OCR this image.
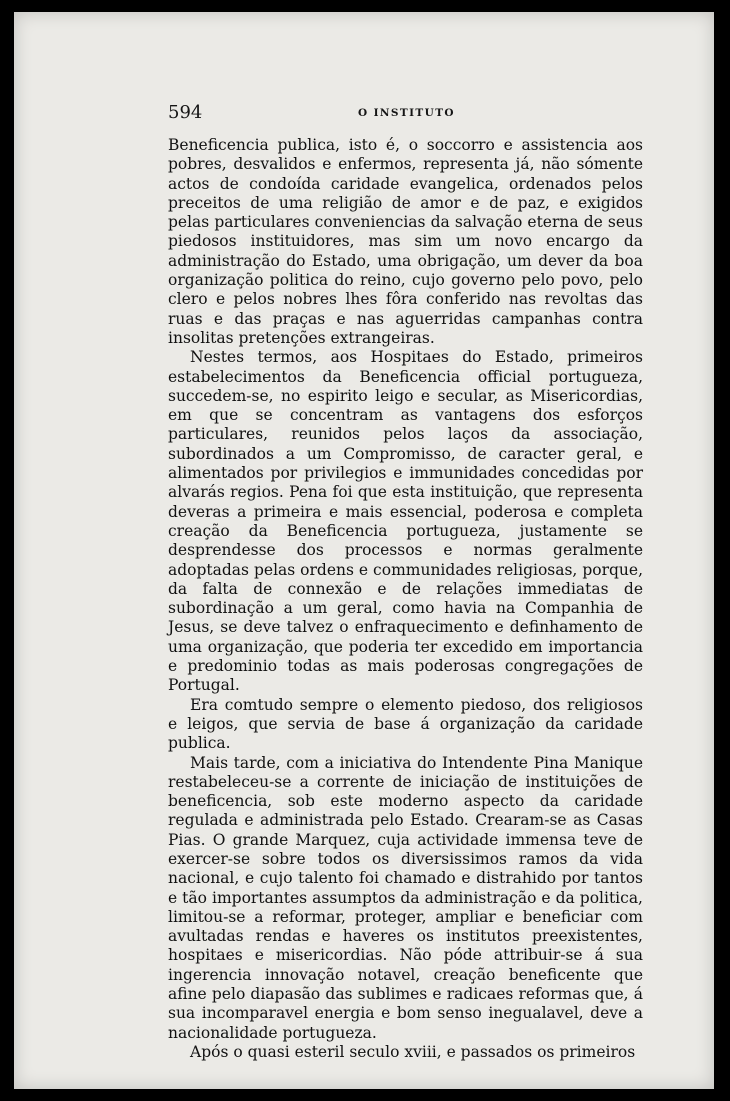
594	O INSTITUTO

Beneficencia publica, isto é, o soccorro e assistencia aos pobres, desvalidos e enfermos, representa já, não sómente actos de condoída caridade evangelica, ordenados pelos preceitos de uma religião de amor e de paz, e exigidos pelas particulares conveniencias da salvação eterna de seus piedosos instituidores, mas sim um novo encargo da administração do Estado, uma obrigação, um dever da boa organização politica do reino, cujo governo pelo povo, pelo clero e pelos nobres lhes fôra conferido nas revoltas das ruas e das praças e nas aguerridas campanhas contra insolitas pretenções extrangeiras.

Nestes termos, aos Hospitaes do Estado, primeiros estabelecimentos da Beneficencia official portugueza, succedem-se, no espirito leigo e secular, as Misericordias, em que se concentram as vantagens dos esforços particulares, reunidos pelos laços da associação, subordinados a um Compromisso, de caracter geral, e alimentados por privilegios e immunidades concedidas por alvarás regios. Pena foi que esta instituição, que representa deveras a primeira e mais essencial, poderosa e completa creação da Beneficencia portugueza, justamente se desprendesse dos processos e normas geralmente adoptadas pelas ordens e communidades religiosas, porque, da falta de connexão e de relações immediatas de subordinação a um geral, como havia na Companhia de Jesus, se deve talvez o enfraquecimento e definhamento de uma organização, que poderia ter excedido em importancia e predominio todas as mais poderosas congregações de Portugal.

Era comtudo sempre o elemento piedoso, dos religiosos e leigos, que servia de base á organização da caridade publica.

Mais tarde, com a iniciativa do Intendente Pina Manique restabeleceu-se a corrente de iniciação de instituições de beneficencia, sob este moderno aspecto da caridade regulada e administrada pelo Estado. Crearam-se as Casas Pias. O grande Marquez, cuja actividade immensa teve de exercer-se sobre todos os diversissimos ramos da vida nacional, e cujo talento foi chamado e distrahido por tantos e tão importantes assumptos da administração e da politica, limitou-se a reformar, proteger, ampliar e beneficiar com avultadas rendas e haveres os institutos preexistentes, hospitaes e misericordias. Não póde attribuir-se á sua ingerencia innovação notavel, creação beneficente que afine pelo diapasão das sublimes e radicaes reformas que, á sua incomparavel energia e bom senso inegualavel, deve a nacionalidade portugueza.

Após o quasi esteril seculo xviii, e passados os primeiros
